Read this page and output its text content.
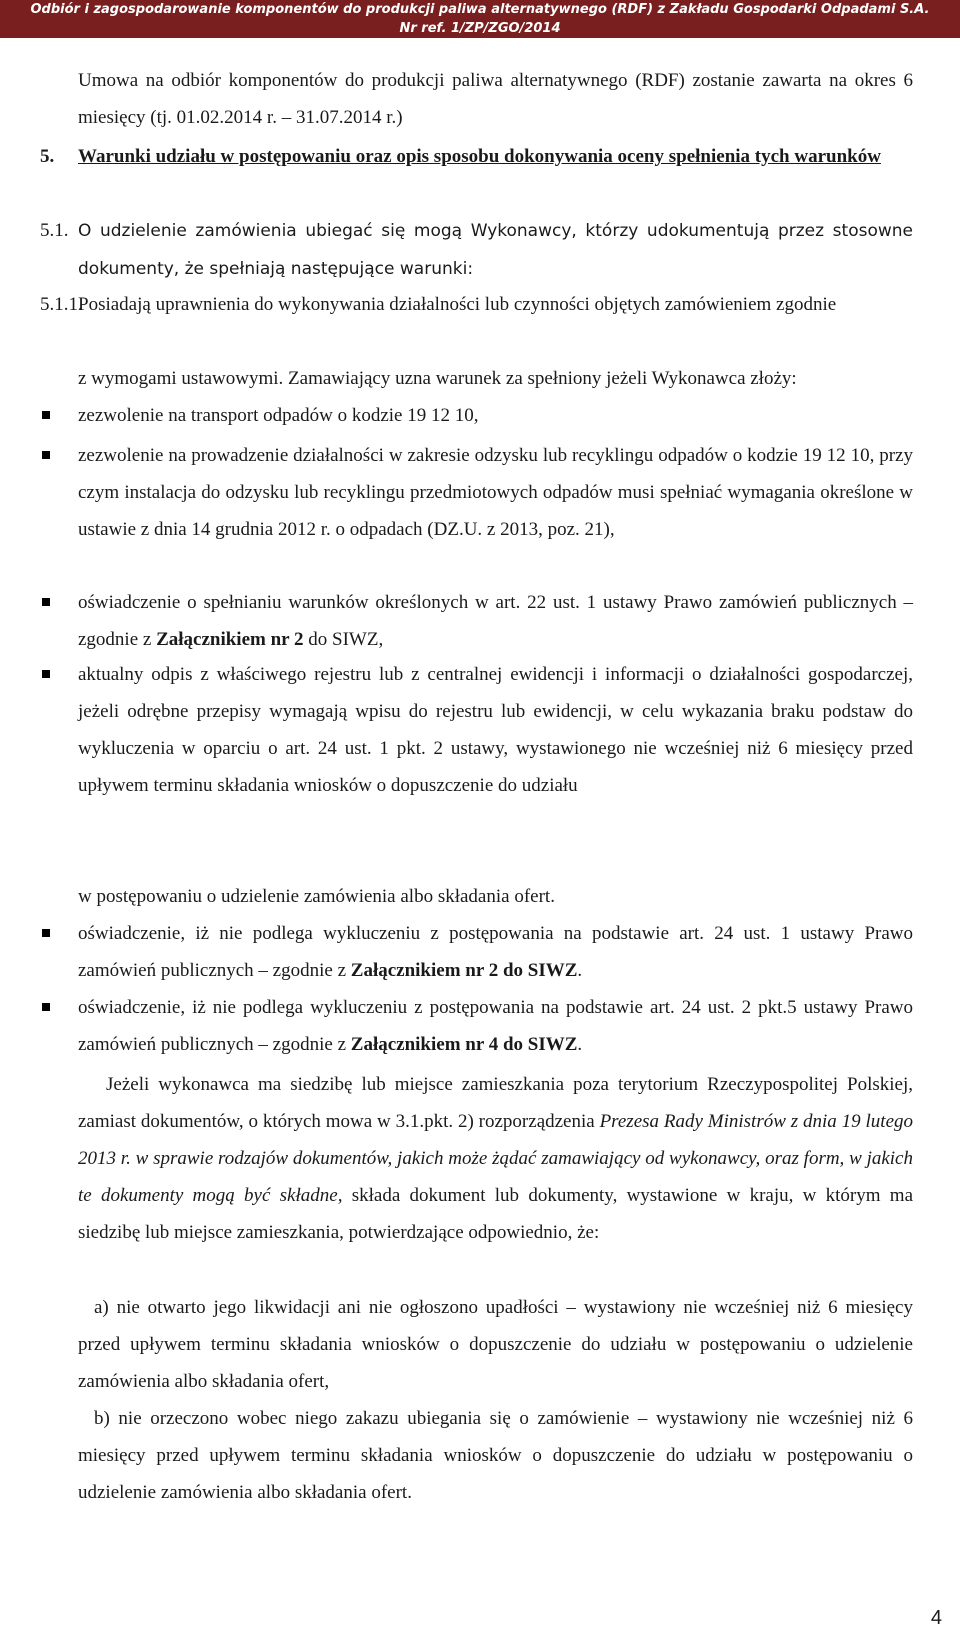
Odbiór i zagospodarowanie komponentów do produkcji paliwa alternatywnego (RDF) z Zakładu Gospodarki Odpadami S.A.
Nr ref. 1/ZP/ZGO/2014
Umowa na odbiór komponentów do produkcji paliwa alternatywnego (RDF) zostanie zawarta na okres 6 miesięcy (tj. 01.02.2014 r. – 31.07.2014 r.)
5. Warunki udziału w postępowaniu oraz opis sposobu dokonywania oceny spełnienia tych warunków
5.1. O udzielenie zamówienia ubiegać się mogą Wykonawcy, którzy udokumentują przez stosowne dokumenty, że spełniają następujące warunki:
5.1.1.
Posiadają uprawnienia do wykonywania działalności lub czynności objętych zamówieniem zgodnie
z wymogami ustawowymi. Zamawiający uzna warunek za spełniony jeżeli Wykonawca złoży:
zezwolenie na transport odpadów o kodzie 19 12 10,
zezwolenie na prowadzenie działalności w zakresie odzysku lub recyklingu odpadów o kodzie 19 12 10, przy czym instalacja do odzysku lub recyklingu przedmiotowych odpadów musi spełniać wymagania określone w ustawie z dnia 14 grudnia 2012 r. o odpadach (DZ.U. z 2013, poz. 21),
oświadczenie o spełnianiu warunków określonych w art. 22 ust. 1 ustawy Prawo zamówień publicznych – zgodnie z Załącznikiem nr 2 do SIWZ,
aktualny odpis z właściwego rejestru lub z centralnej ewidencji i informacji o działalności gospodarczej, jeżeli odrębne przepisy wymagają wpisu do rejestru lub ewidencji, w celu wykazania braku podstaw do wykluczenia w oparciu o art. 24 ust. 1 pkt. 2 ustawy, wystawionego nie wcześniej niż 6 miesięcy przed upływem terminu składania wniosków o dopuszczenie do udziału
w postępowaniu o udzielenie zamówienia albo składania ofert.
oświadczenie, iż nie podlega wykluczeniu z postępowania na podstawie art. 24 ust. 1 ustawy Prawo zamówień publicznych – zgodnie z Załącznikiem nr 2 do SIWZ.
oświadczenie, iż nie podlega wykluczeniu z postępowania na podstawie art. 24 ust. 2 pkt.5 ustawy Prawo zamówień publicznych – zgodnie z Załącznikiem nr 4 do SIWZ.
Jeżeli wykonawca ma siedzibę lub miejsce zamieszkania poza terytorium Rzeczypospolitej Polskiej, zamiast dokumentów, o których mowa w 3.1.pkt. 2) rozporządzenia Prezesa Rady Ministrów z dnia 19 lutego 2013 r. w sprawie rodzajów dokumentów, jakich może żądać zamawiający od wykonawcy, oraz form, w jakich te dokumenty mogą być składne, składa dokument lub dokumenty, wystawione w kraju, w którym ma siedzibę lub miejsce zamieszkania, potwierdzające odpowiednio, że:
a) nie otwarto jego likwidacji ani nie ogłoszono upadłości – wystawiony nie wcześniej niż 6 miesięcy przed upływem terminu składania wniosków o dopuszczenie do udziału w postępowaniu o udzielenie zamówienia albo składania ofert,
b) nie orzeczono wobec niego zakazu ubiegania się o zamówienie – wystawiony nie wcześniej niż 6 miesięcy przed upływem terminu składania wniosków o dopuszczenie do udziału w postępowaniu o udzielenie zamówienia albo składania ofert.
4
